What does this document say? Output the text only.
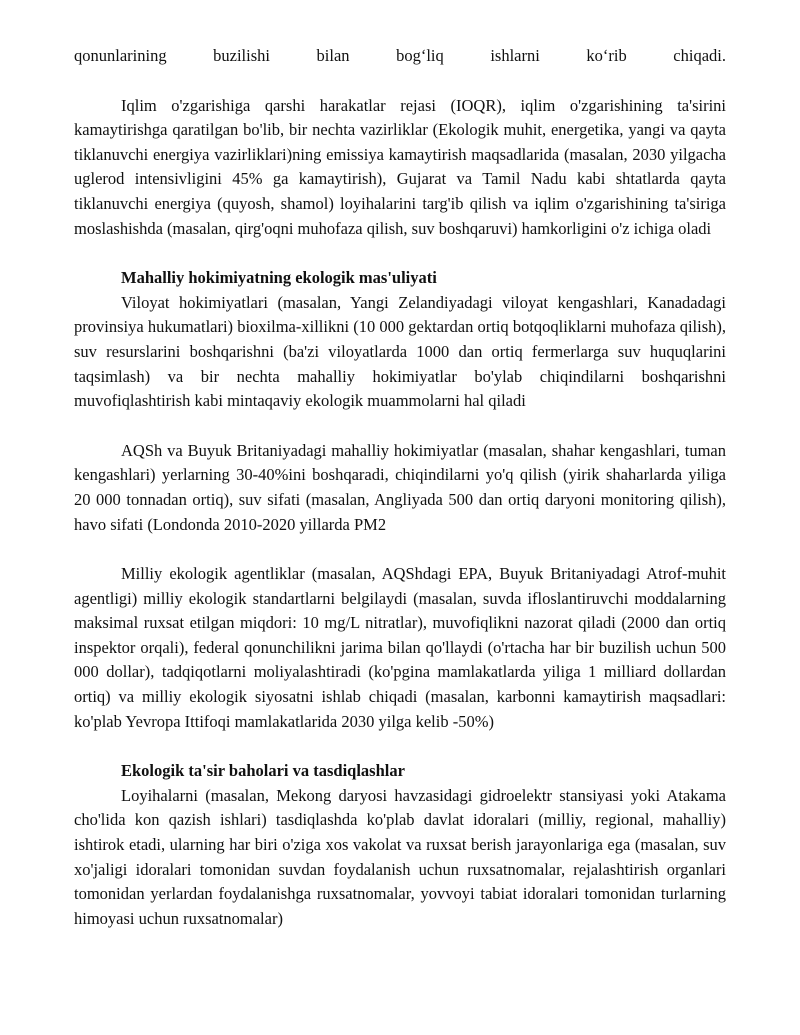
qonunlarining buzilishi bilan bog‘liq ishlarni ko‘rib chiqadi.

Iqlim o'zgarishiga qarshi harakatlar rejasi (IOQR), iqlim o'zgarishining ta'sirini kamaytirishga qaratilgan bo'lib, bir nechta vazirliklar (Ekologik muhit, energetika, yangi va qayta tiklanuvchi energiya vazirliklari)ning emissiya kamaytirish maqsadlarida (masalan, 2030 yilgacha uglerod intensivligini 45% ga kamaytirish), Gujarat va Tamil Nadu kabi shtatlarda qayta tiklanuvchi energiya (quyosh, shamol) loyihalarini targ'ib qilish va iqlim o'zgarishining ta'siriga moslashishda (masalan, qirg'oqni muhofaza qilish, suv boshqaruvi) hamkorligini o'z ichiga oladi

Mahalliy hokimiyatning ekologik mas'uliyati

Viloyat hokimiyatlari (masalan, Yangi Zelandiyadagi viloyat kengashlari, Kanadadagi provinsiya hukumatlari) bioxilma-xillikni (10 000 gektardan ortiq botqoqliklarni muhofaza qilish), suv resurslarini boshqarishni (ba'zi viloyatlarda 1000 dan ortiq fermerlarga suv huquqlarini taqsimlash) va bir nechta mahalliy hokimiyatlar bo'ylab chiqindilarni boshqarishni muvofiqlashtirish kabi mintaqaviy ekologik muammolarni hal qiladi

AQSh va Buyuk Britaniyadagi mahalliy hokimiyatlar (masalan, shahar kengashlari, tuman kengashlari) yerlarning 30-40%ini boshqaradi, chiqindilarni yo'q qilish (yirik shaharlarda yiliga 20 000 tonnadan ortiq), suv sifati (masalan, Angliyada 500 dan ortiq daryoni monitoring qilish), havo sifati (Londonda 2010-2020 yillarda PM2

Milliy ekologik agentliklar (masalan, AQShdagi EPA, Buyuk Britaniyadagi Atrof-muhit agentligi) milliy ekologik standartlarni belgilaydi (masalan, suvda ifloslantiruvchi moddalarning maksimal ruxsat etilgan miqdori: 10 mg/L nitratlar), muvofiqlikni nazorat qiladi (2000 dan ortiq inspektor orqali), federal qonunchilikni jarima bilan qo'llaydi (o'rtacha har bir buzilish uchun 500 000 dollar), tadqiqotlarni moliyalashtiradi (ko'pgina mamlakatlarda yiliga 1 milliard dollardan ortiq) va milliy ekologik siyosatni ishlab chiqadi (masalan, karbonni kamaytirish maqsadlari: ko'plab Yevropa Ittifoqi mamlakatlarida 2030 yilga kelib -50%)

Ekologik ta'sir baholari va tasdiqlashlar

Loyihalarni (masalan, Mekong daryosi havzasidagi gidroelektr stansiyasi yoki Atakama cho'lida kon qazish ishlari) tasdiqlashda ko'plab davlat idoralari (milliy, regional, mahalliy) ishtirok etadi, ularning har biri o'ziga xos vakolat va ruxsat berish jarayonlariga ega (masalan, suv xo'jaligi idoralari tomonidan suvdan foydalanish uchun ruxsatnomalar, rejalashtirish organlari tomonidan yerlardan foydalanishga ruxsatnomalar, yovvoyi tabiat idoralari tomonidan turlarning himoyasi uchun ruxsatnomalar)
